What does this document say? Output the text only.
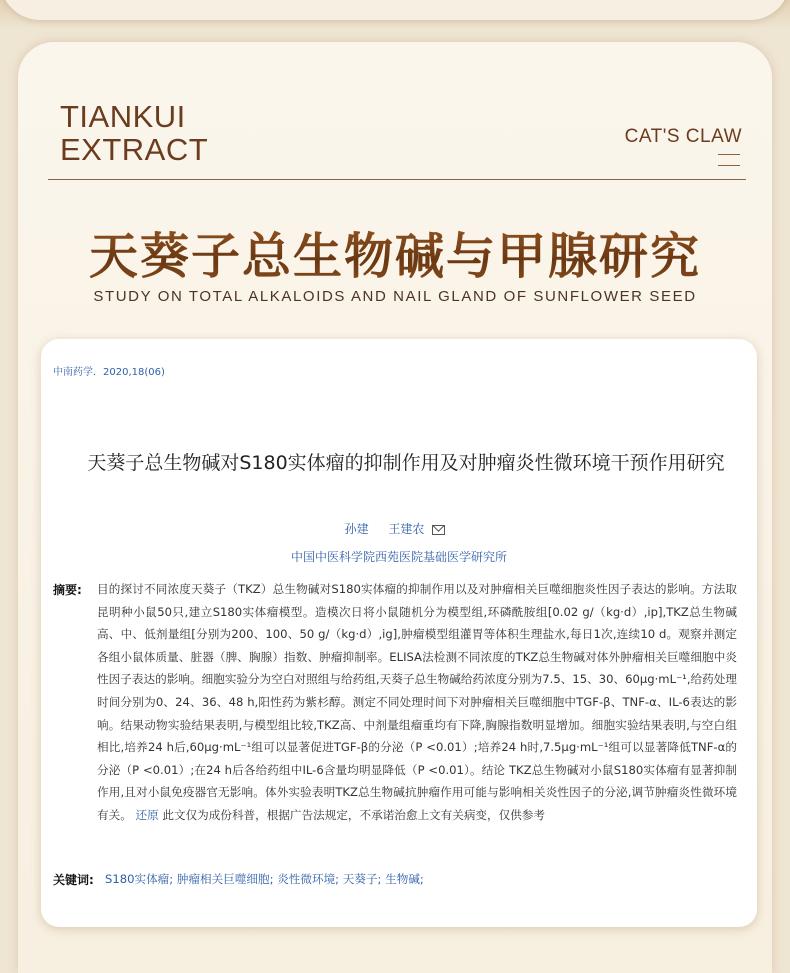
TIANKUI
EXTRACT	CAT'S CLAW
天葵子总生物碱与甲腺研究
STUDY ON TOTAL ALKALOIDS AND NAIL GLAND OF SUNFLOWER SEED
中南药学．2020,18(06)
天葵子总生物碱对S180实体瘤的抑制作用及对肿瘤炎性微环境干预作用研究
孙建 王建农
中国中医科学院西苑医院基础医学研究所
摘要: 目的探讨不同浓度天葵子（TKZ）总生物碱对S180实体瘤的抑制作用以及对肿瘤相关巨噬细胞炎性因子表达的影响。方法取昆明种小鼠50只,建立S180实体瘤模型。造模次日将小鼠随机分为模型组,环磷酰胺组[0.02 g/（kg·d）,ip],TKZ总生物碱高、中、低剂量组[分别为200、100、50 g/（kg·d）,ig],肿瘤模型组灌胃等体积生理盐水,每日1次,连续10 d。观察并测定各组小鼠体质量、脏器（脾、胸腺）指数、肿瘤抑制率。ELISA法检测不同浓度的TKZ总生物碱对体外肿瘤相关巨噬细胞中炎性因子表达的影响。细胞实验分为空白对照组与给药组,天葵子总生物碱给药浓度分别为7.5、15、30、60μg·mL⁻¹,给药处理时间分别为0、24、36、48 h,阳性药为紫杉醇。测定不同处理时间下对肿瘤相关巨噬细胞中TGF-β、TNF-α、IL-6表达的影响。结果动物实验结果表明,与模型组比较,TKZ高、中剂量组瘤重均有下降,胸腺指数明显增加。细胞实验结果表明,与空白组相比,培养24 h后,60μg·mL⁻¹组可以显著促进TGF-β的分泌（P <0.01）;培养24 h时,7.5μg·mL⁻¹组可以显著降低TNF-α的分泌（P <0.01）;在24 h后各给药组中IL-6含量均明显降低（P <0.01）。结论 TKZ总生物碱对小鼠S180实体瘤有显著抑制作用,且对小鼠免疫器官无影响。体外实验表明TKZ总生物碱抗肿瘤作用可能与影响相关炎性因子的分泌,调节肿瘤炎性微环境有关。 还原 此文仅为成份科普，根据广告法规定，不承诺治愈上文有关病变，仅供参考
关键词: S180实体瘤; 肿瘤相关巨噬细胞; 炎性微环境; 天葵子; 生物碱;
